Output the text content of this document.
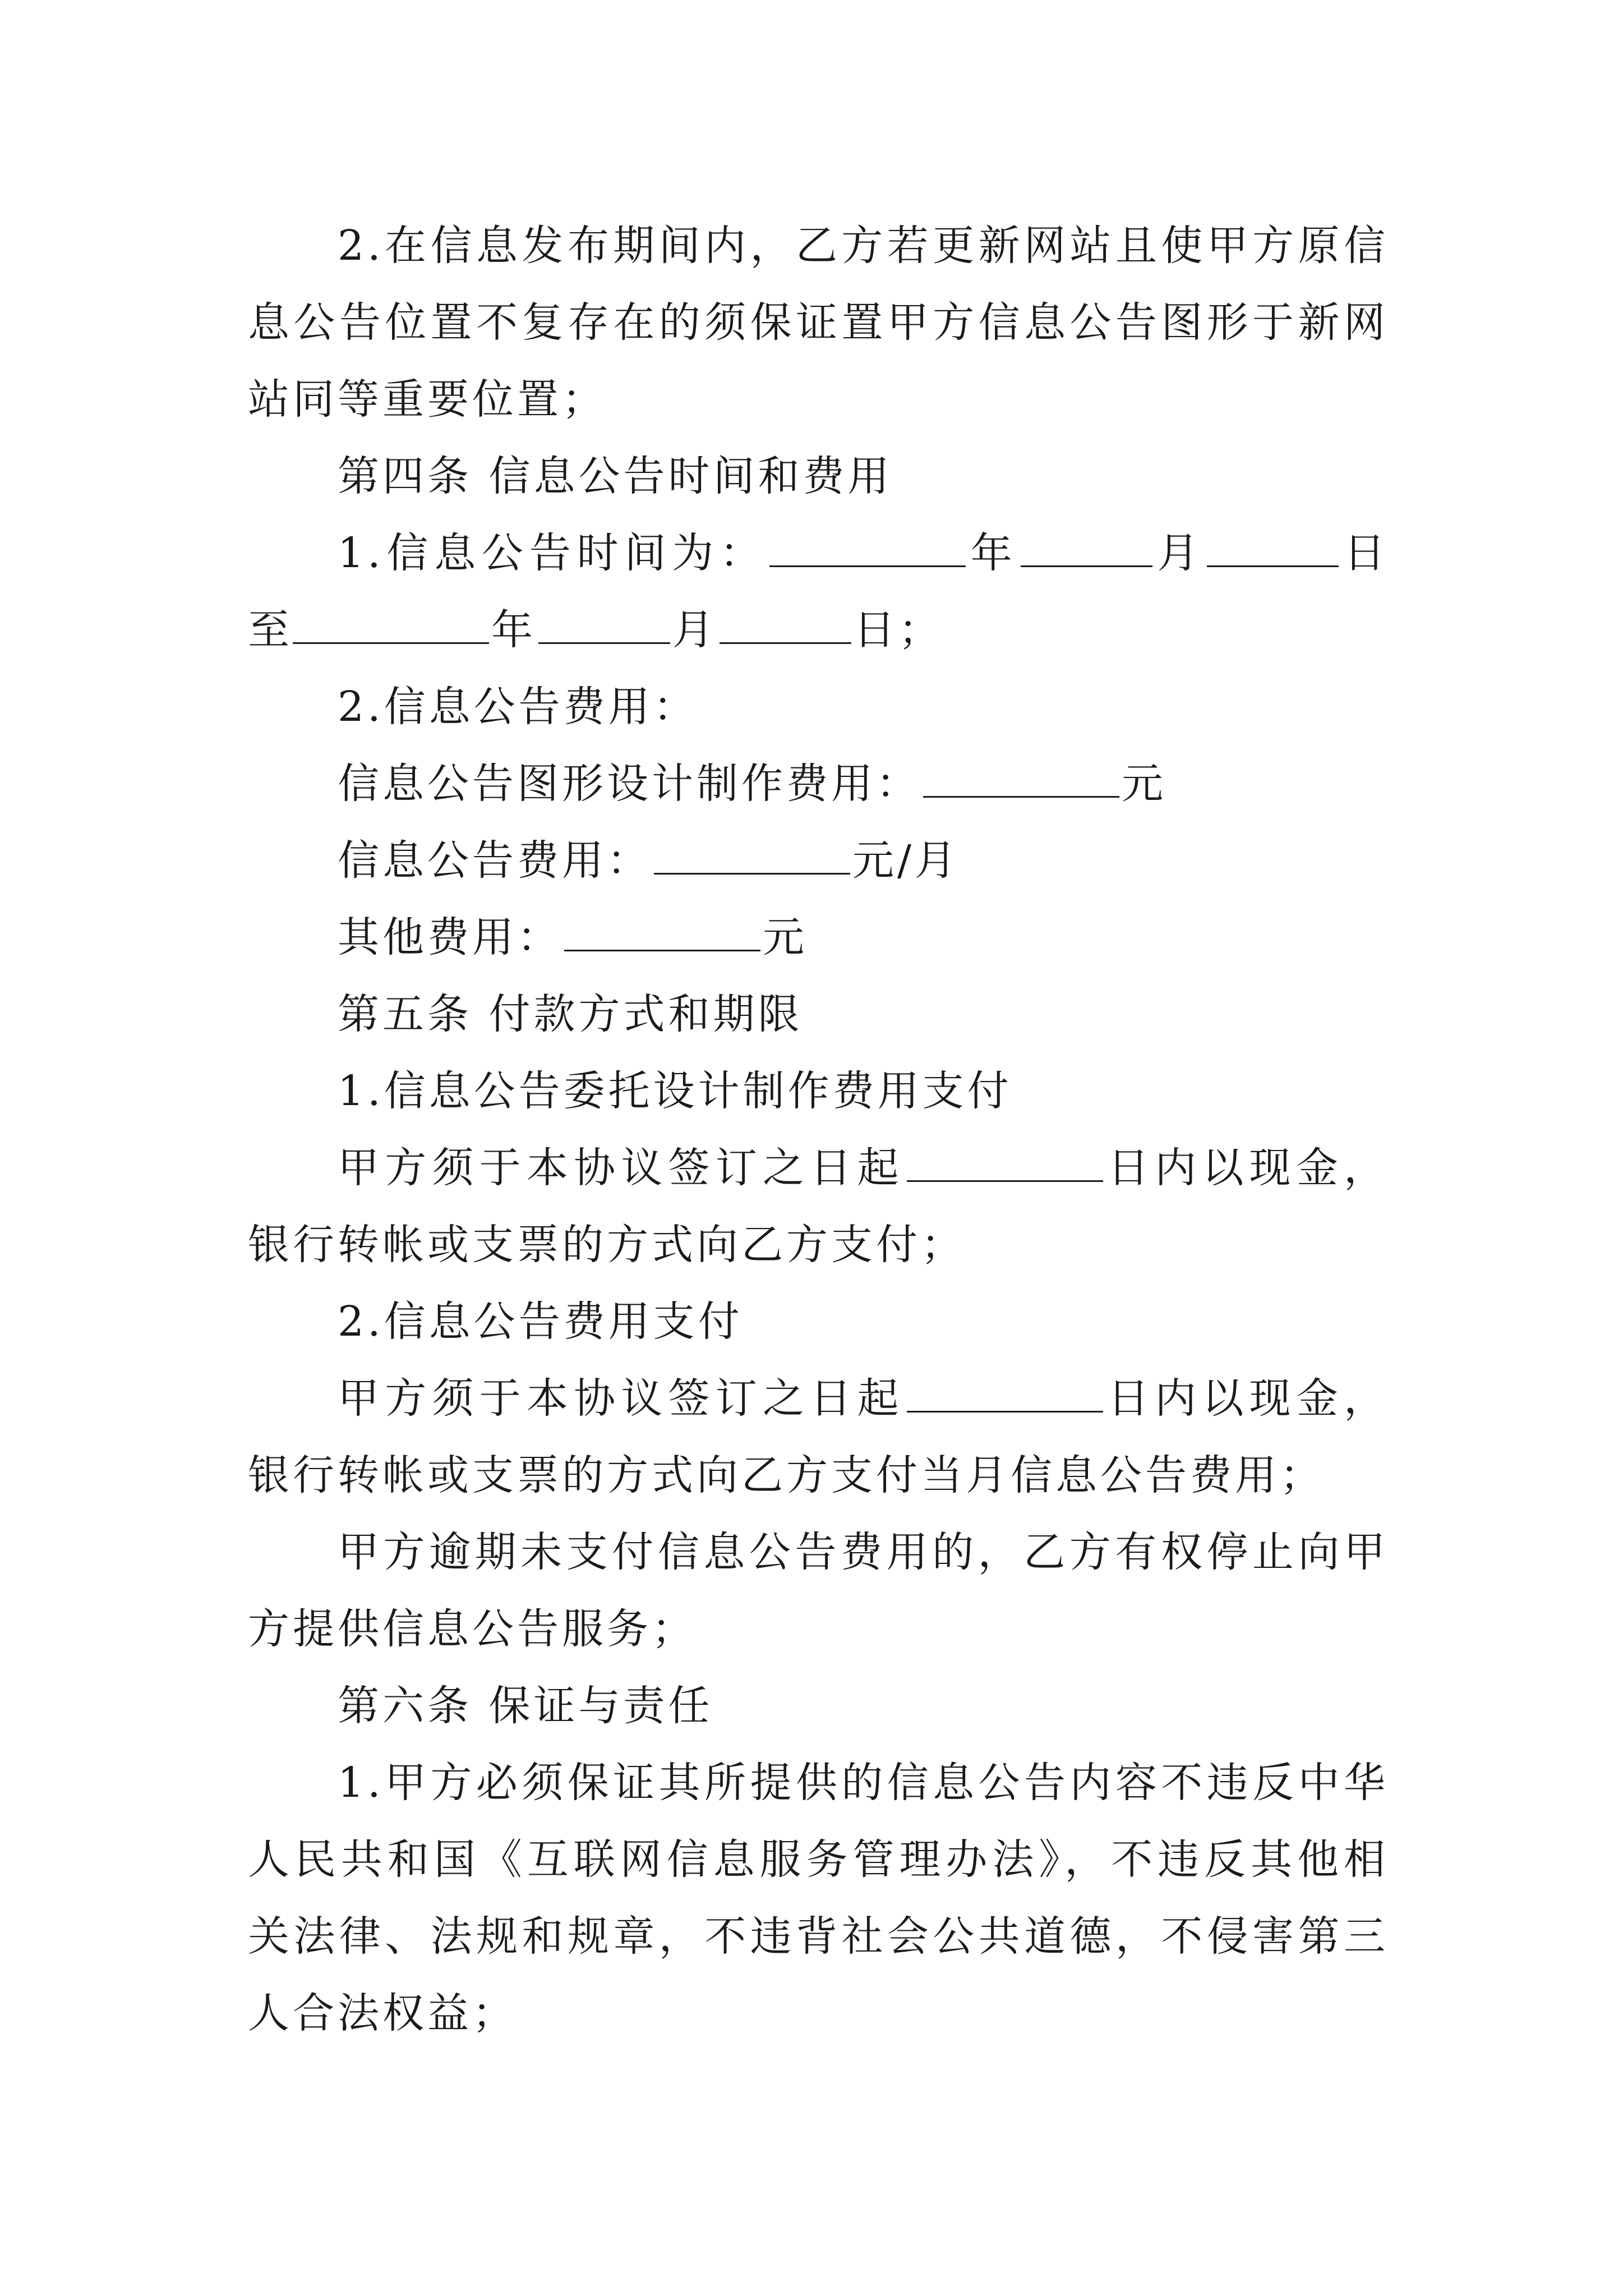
2.在信息发布期间内，乙方若更新网站且使甲方原信息公告位置不复存在的须保证置甲方信息公告图形于新网站同等重要位置；

第四条 信息公告时间和费用

1.信息公告时间为：	年	月	日至	年	月	日；

2.信息公告费用：

信息公告图形设计制作费用：	元

信息公告费用：	元/月

其他费用：	元

第五条 付款方式和期限

1.信息公告委托设计制作费用支付

甲方须于本协议签订之日起	日内以现金，银行转帐或支票的方式向乙方支付；

2.信息公告费用支付

甲方须于本协议签订之日起	日内以现金，银行转帐或支票的方式向乙方支付当月信息公告费用；

甲方逾期未支付信息公告费用的，乙方有权停止向甲方提供信息公告服务；

第六条 保证与责任

1.甲方必须保证其所提供的信息公告内容不违反中华人民共和国《互联网信息服务管理办法》，不违反其他相关法律、法规和规章，不违背社会公共道德，不侵害第三人合法权益；
